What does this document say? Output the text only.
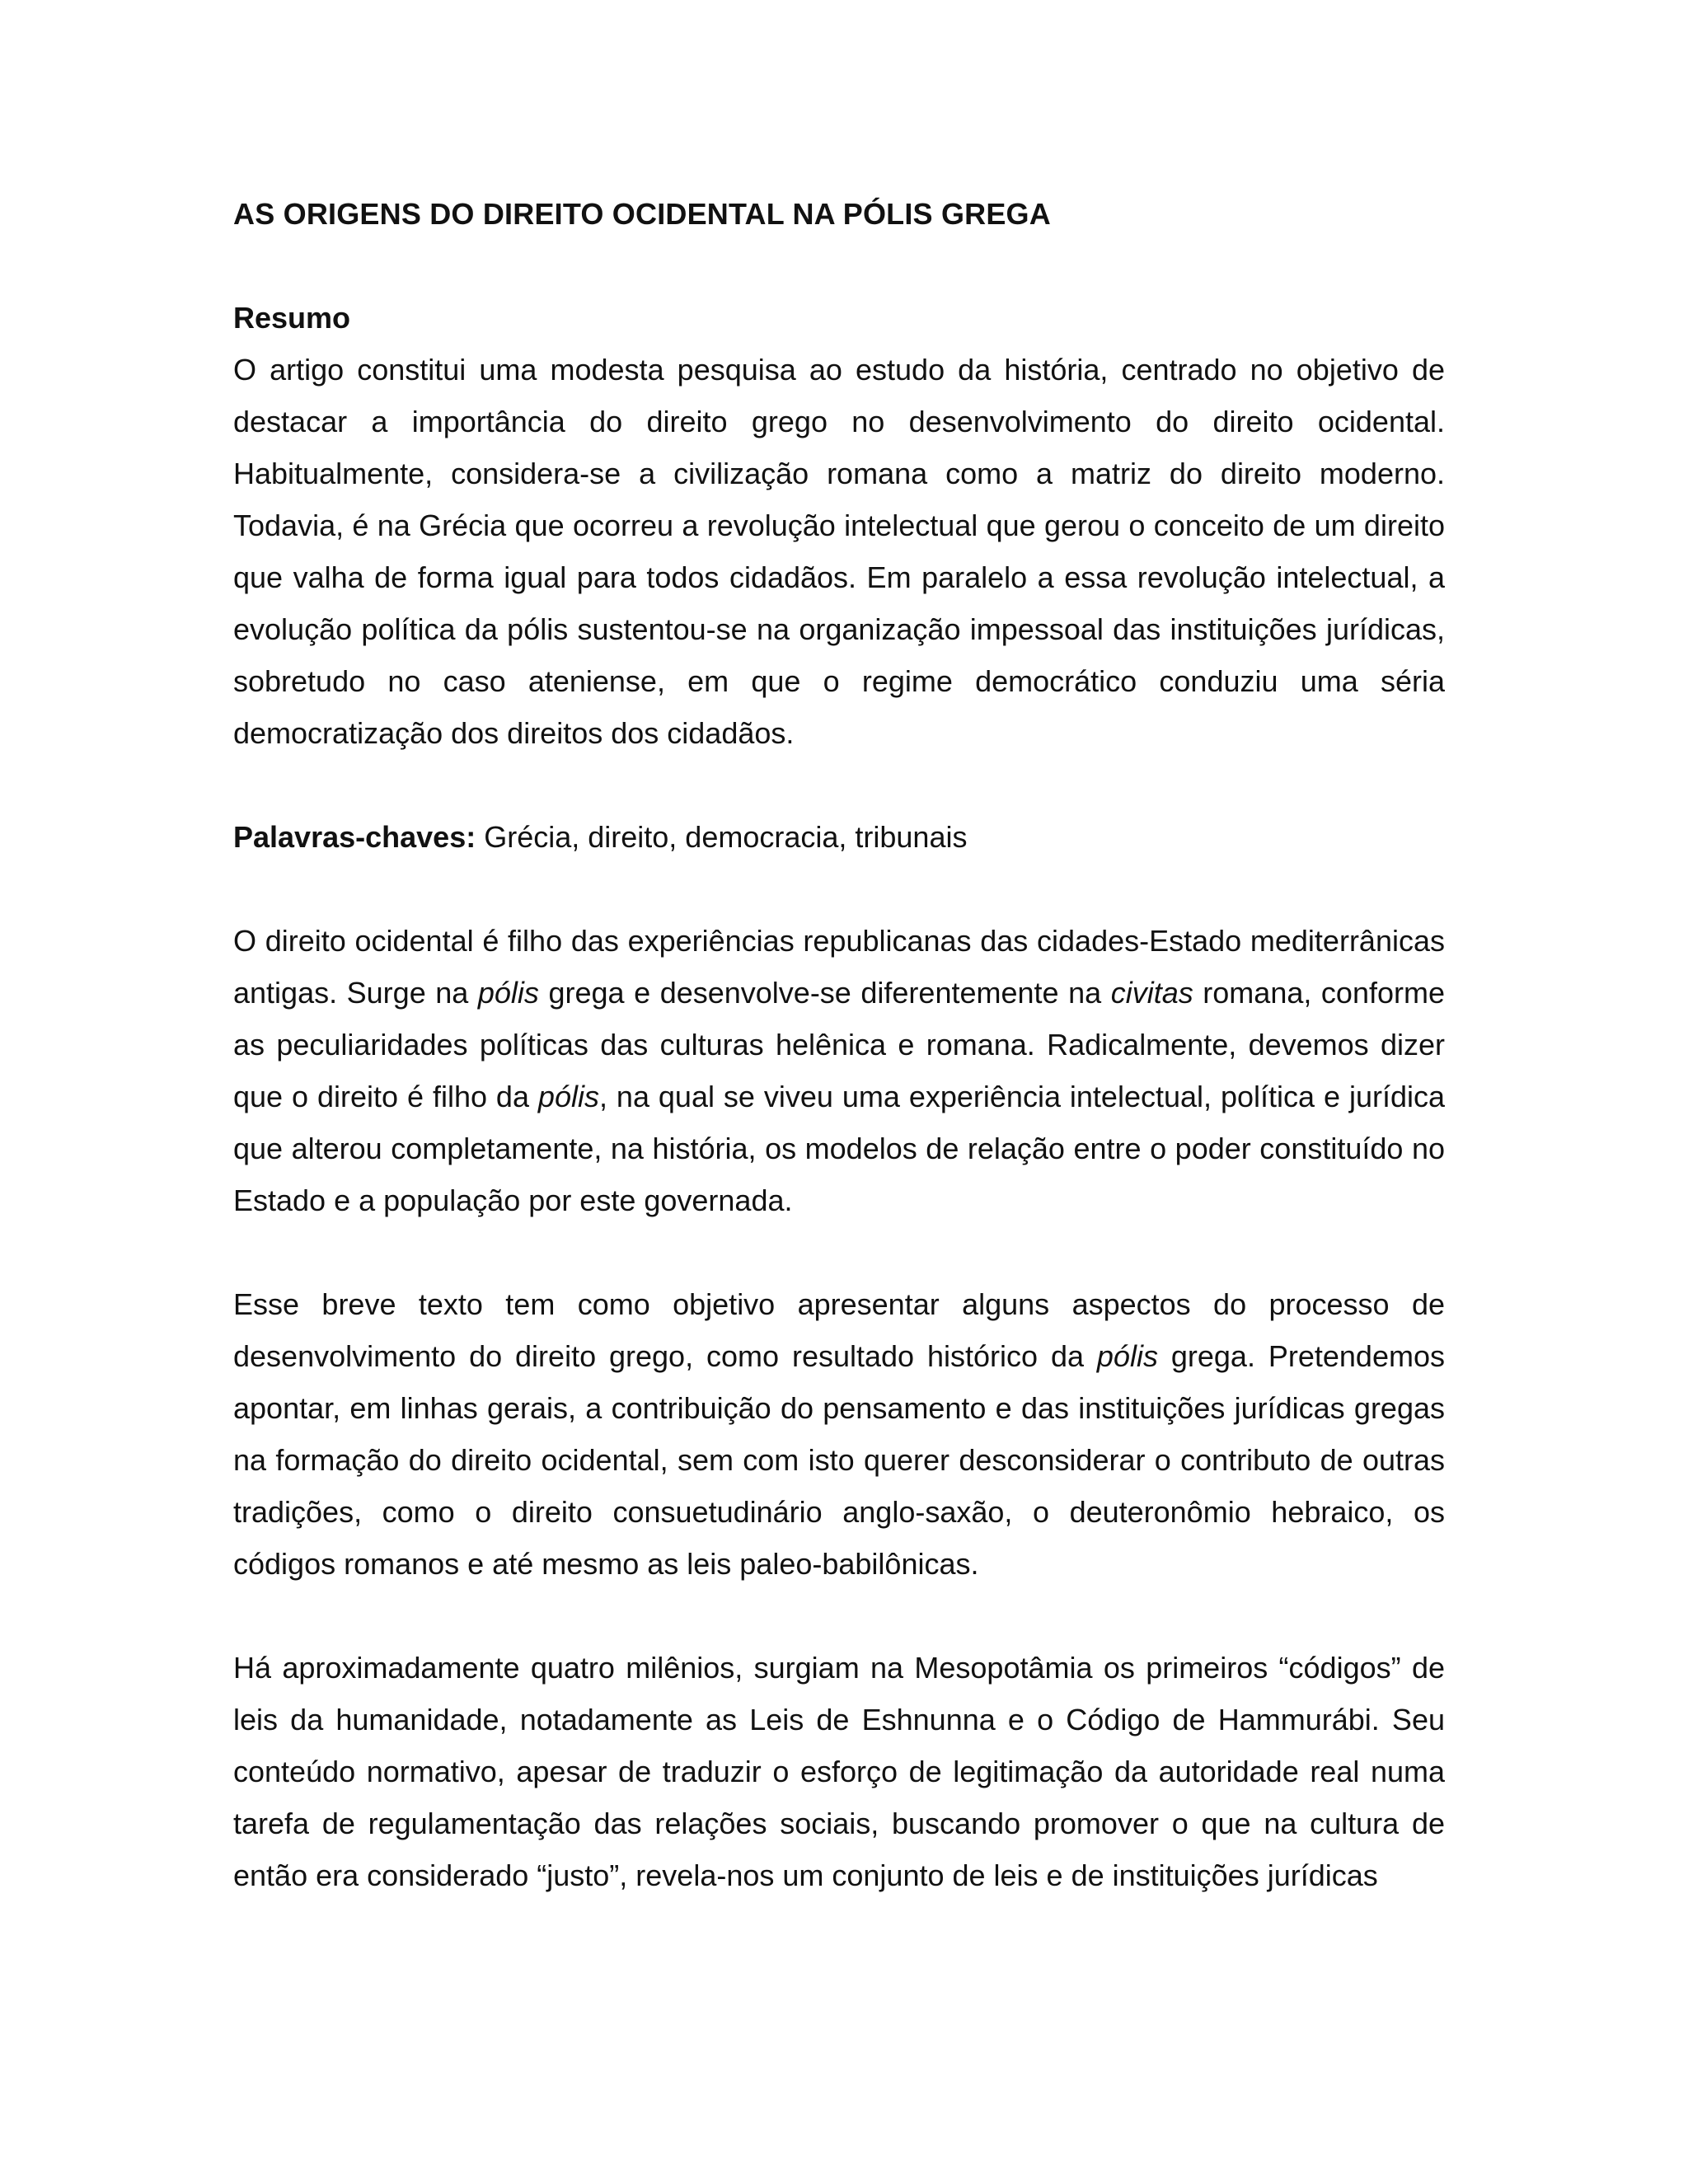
AS ORIGENS DO DIREITO OCIDENTAL NA PÓLIS GREGA
Resumo

O artigo constitui uma modesta pesquisa ao estudo da história, centrado no objetivo de destacar a importância do direito grego no desenvolvimento do direito ocidental. Habitualmente, considera-se a civilização romana como a matriz do direito moderno. Todavia, é na Grécia que ocorreu a revolução intelectual que gerou o conceito de um direito que valha de forma igual para todos cidadãos. Em paralelo a essa revolução intelectual, a evolução política da pólis sustentou-se na organização impessoal das instituições jurídicas, sobretudo no caso ateniense, em que o regime democrático conduziu uma séria democratização dos direitos dos cidadãos.

Palavras-chaves: Grécia, direito, democracia, tribunais

O direito ocidental é filho das experiências republicanas das cidades-Estado mediterrânicas antigas. Surge na pólis grega e desenvolve-se diferentemente na civitas romana, conforme as peculiaridades políticas das culturas helênica e romana. Radicalmente, devemos dizer que o direito é filho da pólis, na qual se viveu uma experiência intelectual, política e jurídica que alterou completamente, na história, os modelos de relação entre o poder constituído no Estado e a população por este governada.

Esse breve texto tem como objetivo apresentar alguns aspectos do processo de desenvolvimento do direito grego, como resultado histórico da pólis grega. Pretendemos apontar, em linhas gerais, a contribuição do pensamento e das instituições jurídicas gregas na formação do direito ocidental, sem com isto querer desconsiderar o contributo de outras tradições, como o direito consuetudinário anglo-saxão, o deuteronômio hebraico, os códigos romanos e até mesmo as leis paleo-babilônicas.

Há aproximadamente quatro milênios, surgiam na Mesopotâmia os primeiros “códigos” de leis da humanidade, notadamente as Leis de Eshnunna e o Código de Hammurábi. Seu conteúdo normativo, apesar de traduzir o esforço de legitimação da autoridade real numa tarefa de regulamentação das relações sociais, buscando promover o que na cultura de então era considerado “justo”, revela-nos um conjunto de leis e de instituições jurídicas
